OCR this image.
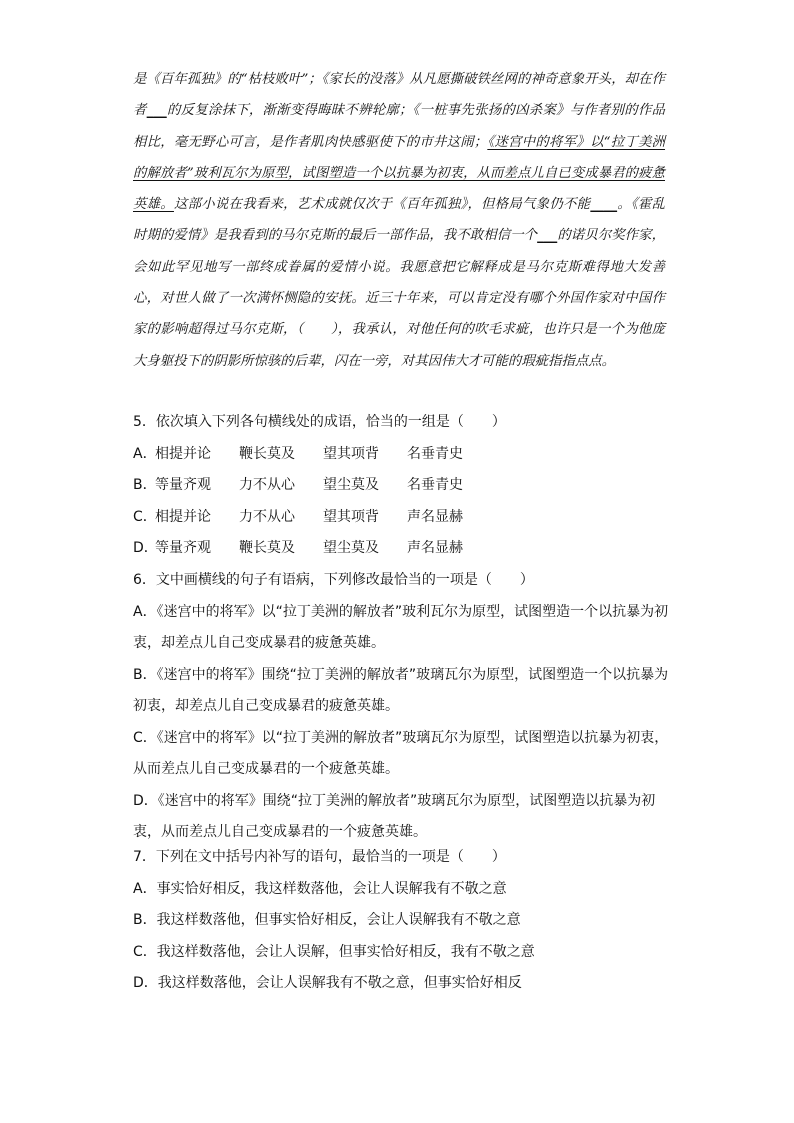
是《百年孤独》的“枯枝败叶”；《家长的没落》从凡愿撕破铁丝网的神奇意象开头，却在作者___的反复涂抹下，渐渐变得晦昧不辨轮廓；《一桩事先张扬的凶杀案》与作者别的作品相比，毫无野心可言，是作者肌肉快感驱使下的市井这闹；《迷宫中的将军》以“拉丁美洲的解放者”玻利瓦尔为原型，试图塑造一个以抗暴为初衷，从而差点儿自已变成暴君的疲惫英雄。这部小说在我看来，艺术成就仅次于《百年孤独》，但格局气象仍不能____。《霍乱时期的爱情》是我看到的马尔克斯的最后一部作品，我不敢相信一个___的诺贝尔奖作家，会如此罕见地写一部终成眷属的爱情小说。我愿意把它解释成是马尔克斯难得地大发善心，对世人做了一次满怀恻隐的安抚。近三十年来，可以肯定没有哪个外国作家对中国作家的影响超得过马尔克斯，（　　），我承认，对他任何的吹毛求疵，也许只是一个为他庞大身躯投下的阴影所惊骇的后辈，闪在一旁，对其因伟大才可能的瑕疵指指点点。

5．依次填入下列各句横线处的成语，恰当的一组是（　　）

A．相提并论 鞭长莫及 望其项背 名垂青史

B．等量齐观 力不从心 望尘莫及 名垂青史

C．相提并论 力不从心 望其项背 声名显赫

D．等量齐观 鞭长莫及 望尘莫及 声名显赫

6．文中画横线的句子有语病，下列修改最恰当的一项是（　　）

A．《迷宫中的将军》以“拉丁美洲的解放者”玻利瓦尔为原型，试图塑造一个以抗暴为初衷，却差点儿自己变成暴君的疲惫英雄。

B．《迷宫中的将军》围绕“拉丁美洲的解放者”玻璃瓦尔为原型，试图塑造一个以抗暴为初衷，却差点儿自己变成暴君的疲惫英雄。

C．《迷宫中的将军》以“拉丁美洲的解放者”玻璃瓦尔为原型，试图塑造以抗暴为初衷，从而差点儿自己变成暴君的一个疲惫英雄。

D．《迷宫中的将军》围绕“拉丁美洲的解放者”玻璃瓦尔为原型，试图塑造以抗暴为初衷，从而差点儿自己变成暴君的一个疲惫英雄。

7．下列在文中括号内补写的语句，最恰当的一项是（　　）

A．事实恰好相反，我这样数落他，会让人误解我有不敬之意

B．我这样数落他，但事实恰好相反，会让人误解我有不敬之意

C．我这样数落他，会让人误解，但事实恰好相反，我有不敬之意

D．我这样数落他，会让人误解我有不敬之意，但事实恰好相反
